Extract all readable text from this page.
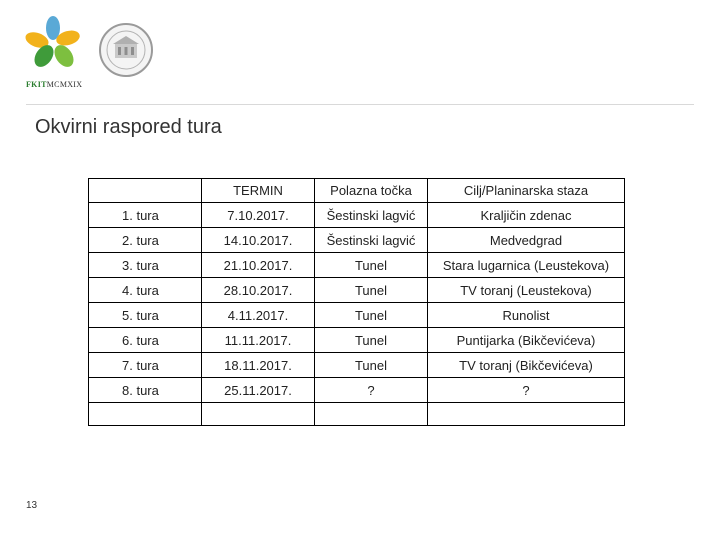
FKITMCMXIX
Okvirni raspored tura
	TERMIN	Polazna točka	Cilj/Planinarska staza
1. tura	7.10.2017.	Šestinski lagvić	Kraljičin zdenac
2. tura	14.10.2017.	Šestinski lagvić	Medvedgrad
3. tura	21.10.2017.	Tunel	Stara lugarnica (Leustekova)
4. tura	28.10.2017.	Tunel	TV toranj (Leustekova)
5. tura	4.11.2017.	Tunel	Runolist
6. tura	11.11.2017.	Tunel	Puntijarka (Bikčevićeva)
7. tura	18.11.2017.	Tunel	TV toranj (Bikčevićeva)
8. tura	25.11.2017.	?	?

13
